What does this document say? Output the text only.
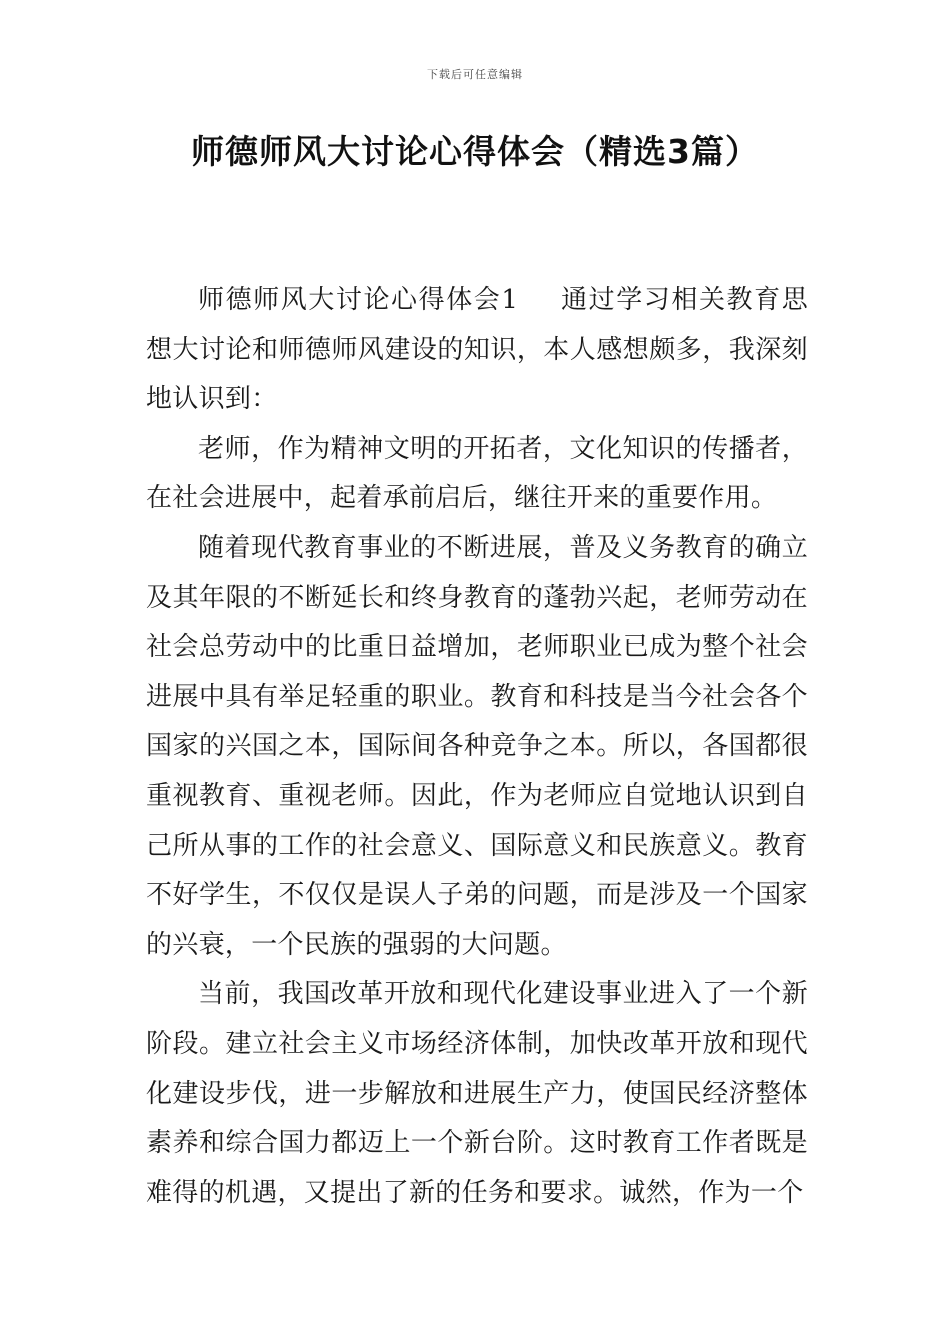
下载后可任意编辑
师德师风大讨论心得体会（精选3篇）

师德师风大讨论心得体会1 通过学习相关教育思想大讨论和师德师风建设的知识，本人感想颇多，我深刻地认识到：

老师，作为精神文明的开拓者，文化知识的传播者，在社会进展中，起着承前启后，继往开来的重要作用。

随着现代教育事业的不断进展，普及义务教育的确立及其年限的不断延长和终身教育的蓬勃兴起，老师劳动在社会总劳动中的比重日益增加，老师职业已成为整个社会进展中具有举足轻重的职业。教育和科技是当今社会各个国家的兴国之本，国际间各种竞争之本。所以，各国都很重视教育、重视老师。因此，作为老师应自觉地认识到自己所从事的工作的社会意义、国际意义和民族意义。教育不好学生，不仅仅是误人子弟的问题，而是涉及一个国家的兴衰，一个民族的强弱的大问题。

当前，我国改革开放和现代化建设事业进入了一个新阶段。建立社会主义市场经济体制，加快改革开放和现代化建设步伐，进一步解放和进展生产力，使国民经济整体素养和综合国力都迈上一个新台阶。这时教育工作者既是难得的机遇，又提出了新的任务和要求。诚然，作为一个
